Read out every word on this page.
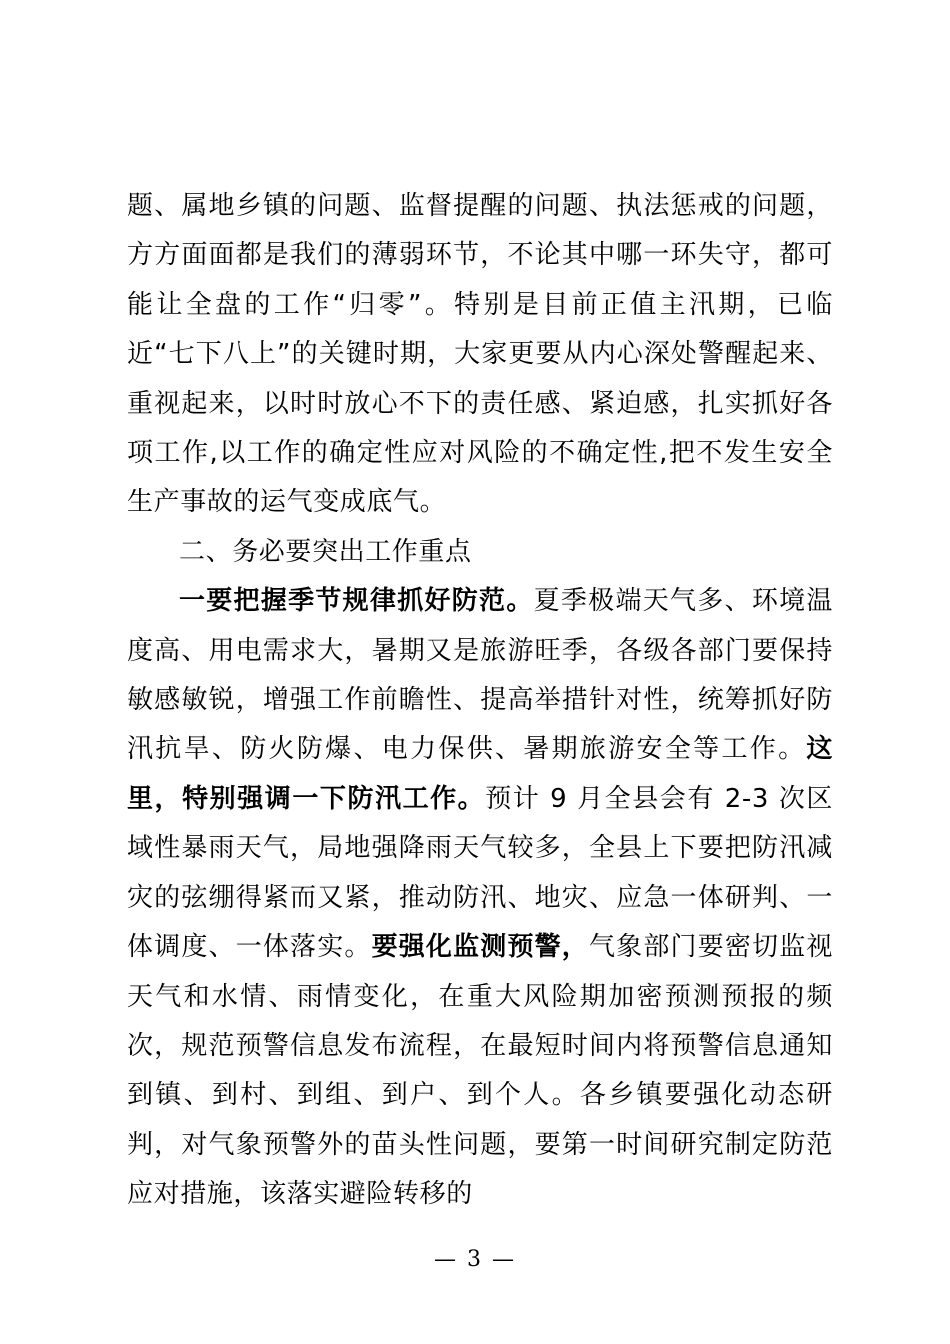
题、属地乡镇的问题、监督提醒的问题、执法惩戒的问题，方方面面都是我们的薄弱环节，不论其中哪一环失守，都可能让全盘的工作“归零”。特别是目前正值主汛期，已临近“七下八上”的关键时期，大家更要从内心深处警醒起来、重视起来，以时时放心不下的责任感、紧迫感，扎实抓好各项工作,以工作的确定性应对风险的不确定性,把不发生安全生产事故的运气变成底气。

二、务必要突出工作重点

一要把握季节规律抓好防范。夏季极端天气多、环境温度高、用电需求大，暑期又是旅游旺季，各级各部门要保持敏感敏锐，增强工作前瞻性、提高举措针对性，统筹抓好防汛抗旱、防火防爆、电力保供、暑期旅游安全等工作。这里，特别强调一下防汛工作。预计 9 月全县会有 2-3 次区域性暴雨天气，局地强降雨天气较多，全县上下要把防汛减灾的弦绷得紧而又紧，推动防汛、地灾、应急一体研判、一体调度、一体落实。要强化监测预警，气象部门要密切监视天气和水情、雨情变化，在重大风险期加密预测预报的频次，规范预警信息发布流程，在最短时间内将预警信息通知到镇、到村、到组、到户、到个人。各乡镇要强化动态研判，对气象预警外的苗头性问题，要第一时间研究制定防范应对措施，该落实避险转移的

— 3 —
